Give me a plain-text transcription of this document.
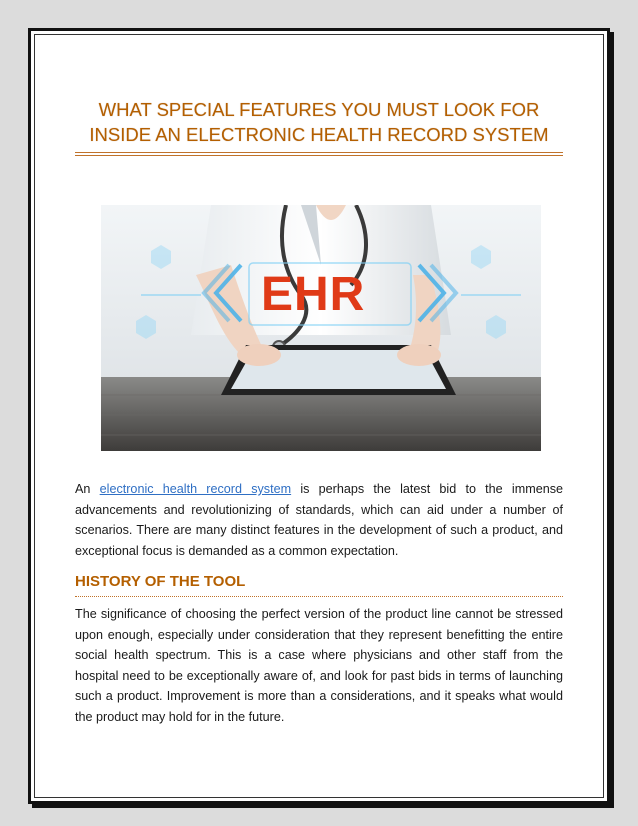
WHAT SPECIAL FEATURES YOU MUST LOOK FOR
INSIDE AN ELECTRONIC HEALTH RECORD SYSTEM
EHR
An electronic health record system is perhaps the latest bid to the immense advancements and revolutionizing of standards, which can aid under a number of scenarios. There are many distinct features in the development of such a product, and exceptional focus is demanded as a common expectation.
HISTORY OF THE TOOL
The significance of choosing the perfect version of the product line cannot be stressed upon enough, especially under consideration that they represent benefitting the entire social health spectrum. This is a case where physicians and other staff from the hospital need to be exceptionally aware of, and look for past bids in terms of launching such a product. Improvement is more than a considerations, and it speaks what would the product may hold for in the future.
